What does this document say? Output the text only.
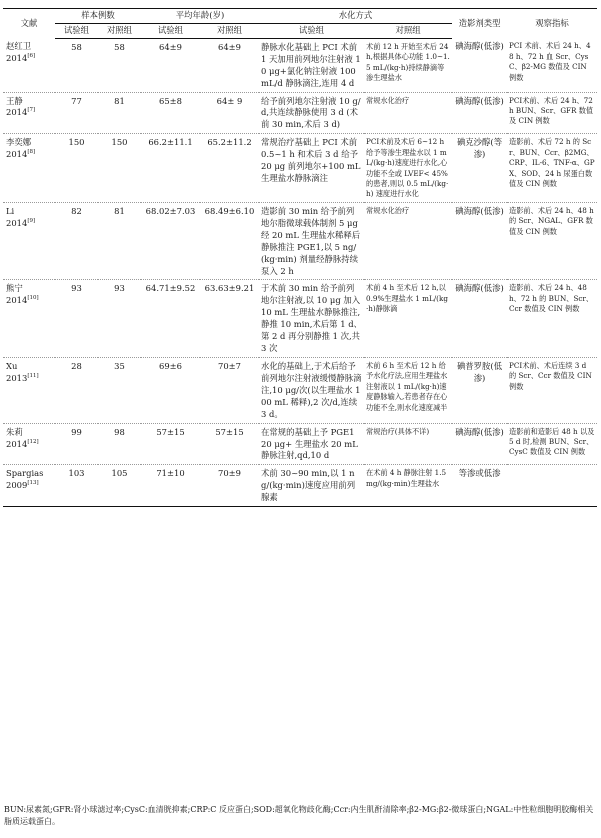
文献	样本例数		平均年龄(岁)		水化方式		造影剂类型	观察指标
	试验组	对照组	试验组	对照组	试验组	对照组		

赵红卫
2014[6]	58	58	64±9	64±9	静脉水化基础上 PCI 术前 1 天加用前列地尔注射液 10 μg+氯化钠注射液 100 mL/d 静脉滴注,连用 4 d	术前 12 h 开始至术后 24 h,根据具体心功能 1.0~1.5 mL/(kg·h)持续静滴等渗生理盐水	碘海醇(低渗)	PCI 术前、术后 24 h、48 h、72 h 血 Scr、CysC、β2-MG 数值及 CIN 例数

王静
2014[7]	77	81	65±8	64± 9	给予前列地尔注射液 10 g/d,共连续静脉使用 3 d (术前 30 min,术后 3 d)	常规水化治疗	碘海醇(低渗)	PCI术前、术后 24 h、72 h BUN、Scr、GFR 数值及 CIN 例数

李奕娜
2014[8]	150	150	66.2±11.1	65.2±11.2	常规治疗基础上 PCI 术前 0.5~1 h 和术后 3 d 给予 20 μg 前列地尔+100 mL 生理盐水静脉滴注	PCI术前及术后 6~12 h 给予等渗生理盐水以 1 mL/(kg·h)速度进行水化,心功能不全或 LVEF< 45%的患者,则以 0.5 mL/(kg·h) 速度进行水化	碘克沙醇(等渗)	造影前、术后 72 h 的 Scr、BUN、Ccr、β2MG、CRP、IL-6、TNF-α、GPX、SOD、24 h 尿蛋白数值及 CIN 例数

Li
2014[9]	82	81	68.02±7.03	68.49±6.10	造影前 30 min 给予前列地尔脂微球载体制剂 5 μg 经 20 mL 生理盐水稀释后静脉推注 PGE1,以 5 ng/(kg·min) 剂量经静脉持续泵入 2 h	常规水化治疗	碘海醇(低渗)	造影前、术后 24 h、48 h 的 Scr、NGAL、GFR 数值及 CIN 例数

熊宁
2014[10]	93	93	64.71±9.52	63.63±9.21	于术前 30 min 给予前列地尔注射液,以 10 μg 加入 10 mL 生理盐水静脉推注,静推 10 min,术后第 1 d、第 2 d 再分别静推 1 次,共 3 次	术前 4 h 至术后 12 h,以 0.9%生理盐水 1 mL/(kg·h)静脉滴	碘海醇(低渗)	造影前、术后 24 h、48 h、72 h 的 BUN、Scr、Ccr 数值及 CIN 例数

Xu
2013[11]	28	35	69±6	70±7	水化的基础上,于术后给予前列地尔注射液缓慢静脉滴注,10 μg/次(以生理盐水 100 mL 稀释),2 次/d,连续 3 d。	术前 6 h 至术后 12 h 给予水化疗法,应用生理盐水注射液以 1 mL/(kg·h)速度静脉输入,若患者存在心功能不全,则水化速度减半	碘普罗胺(低渗)	PCI术前、术后连续 3 d 的 Scr、Ccr 数值及 CIN 例数

朱莉
2014[12]	99	98	57±15	57±15	在常规的基础上予 PGE1 20 μg+ 生理盐水 20 mL 静脉注射,qd,10 d	常规治疗(具体不详)	碘海醇(低渗)	造影前和造影后 48 h 以及 5 d 时,检测 BUN、Scr、CysC 数值及 CIN 例数

Spargias
2009[13]	103	105	71±10	70±9	术前 30~90 min,以 1 ng/(kg·min)速度应用前列腺素	在术前 4 h 静脉注射 1.5 mg/(kg·min)生理盐水	等渗或低渗	
BUN:尿素氮;GFR:肾小球滤过率;CysC:血清胱抑素;CRP:C 反应蛋白;SOD:超氧化物歧化酶;Ccr:内生肌酐清除率;β2-MG:β2-微球蛋白;NGAL:中性粒细胞明胶酶相关脂质运载蛋白。
